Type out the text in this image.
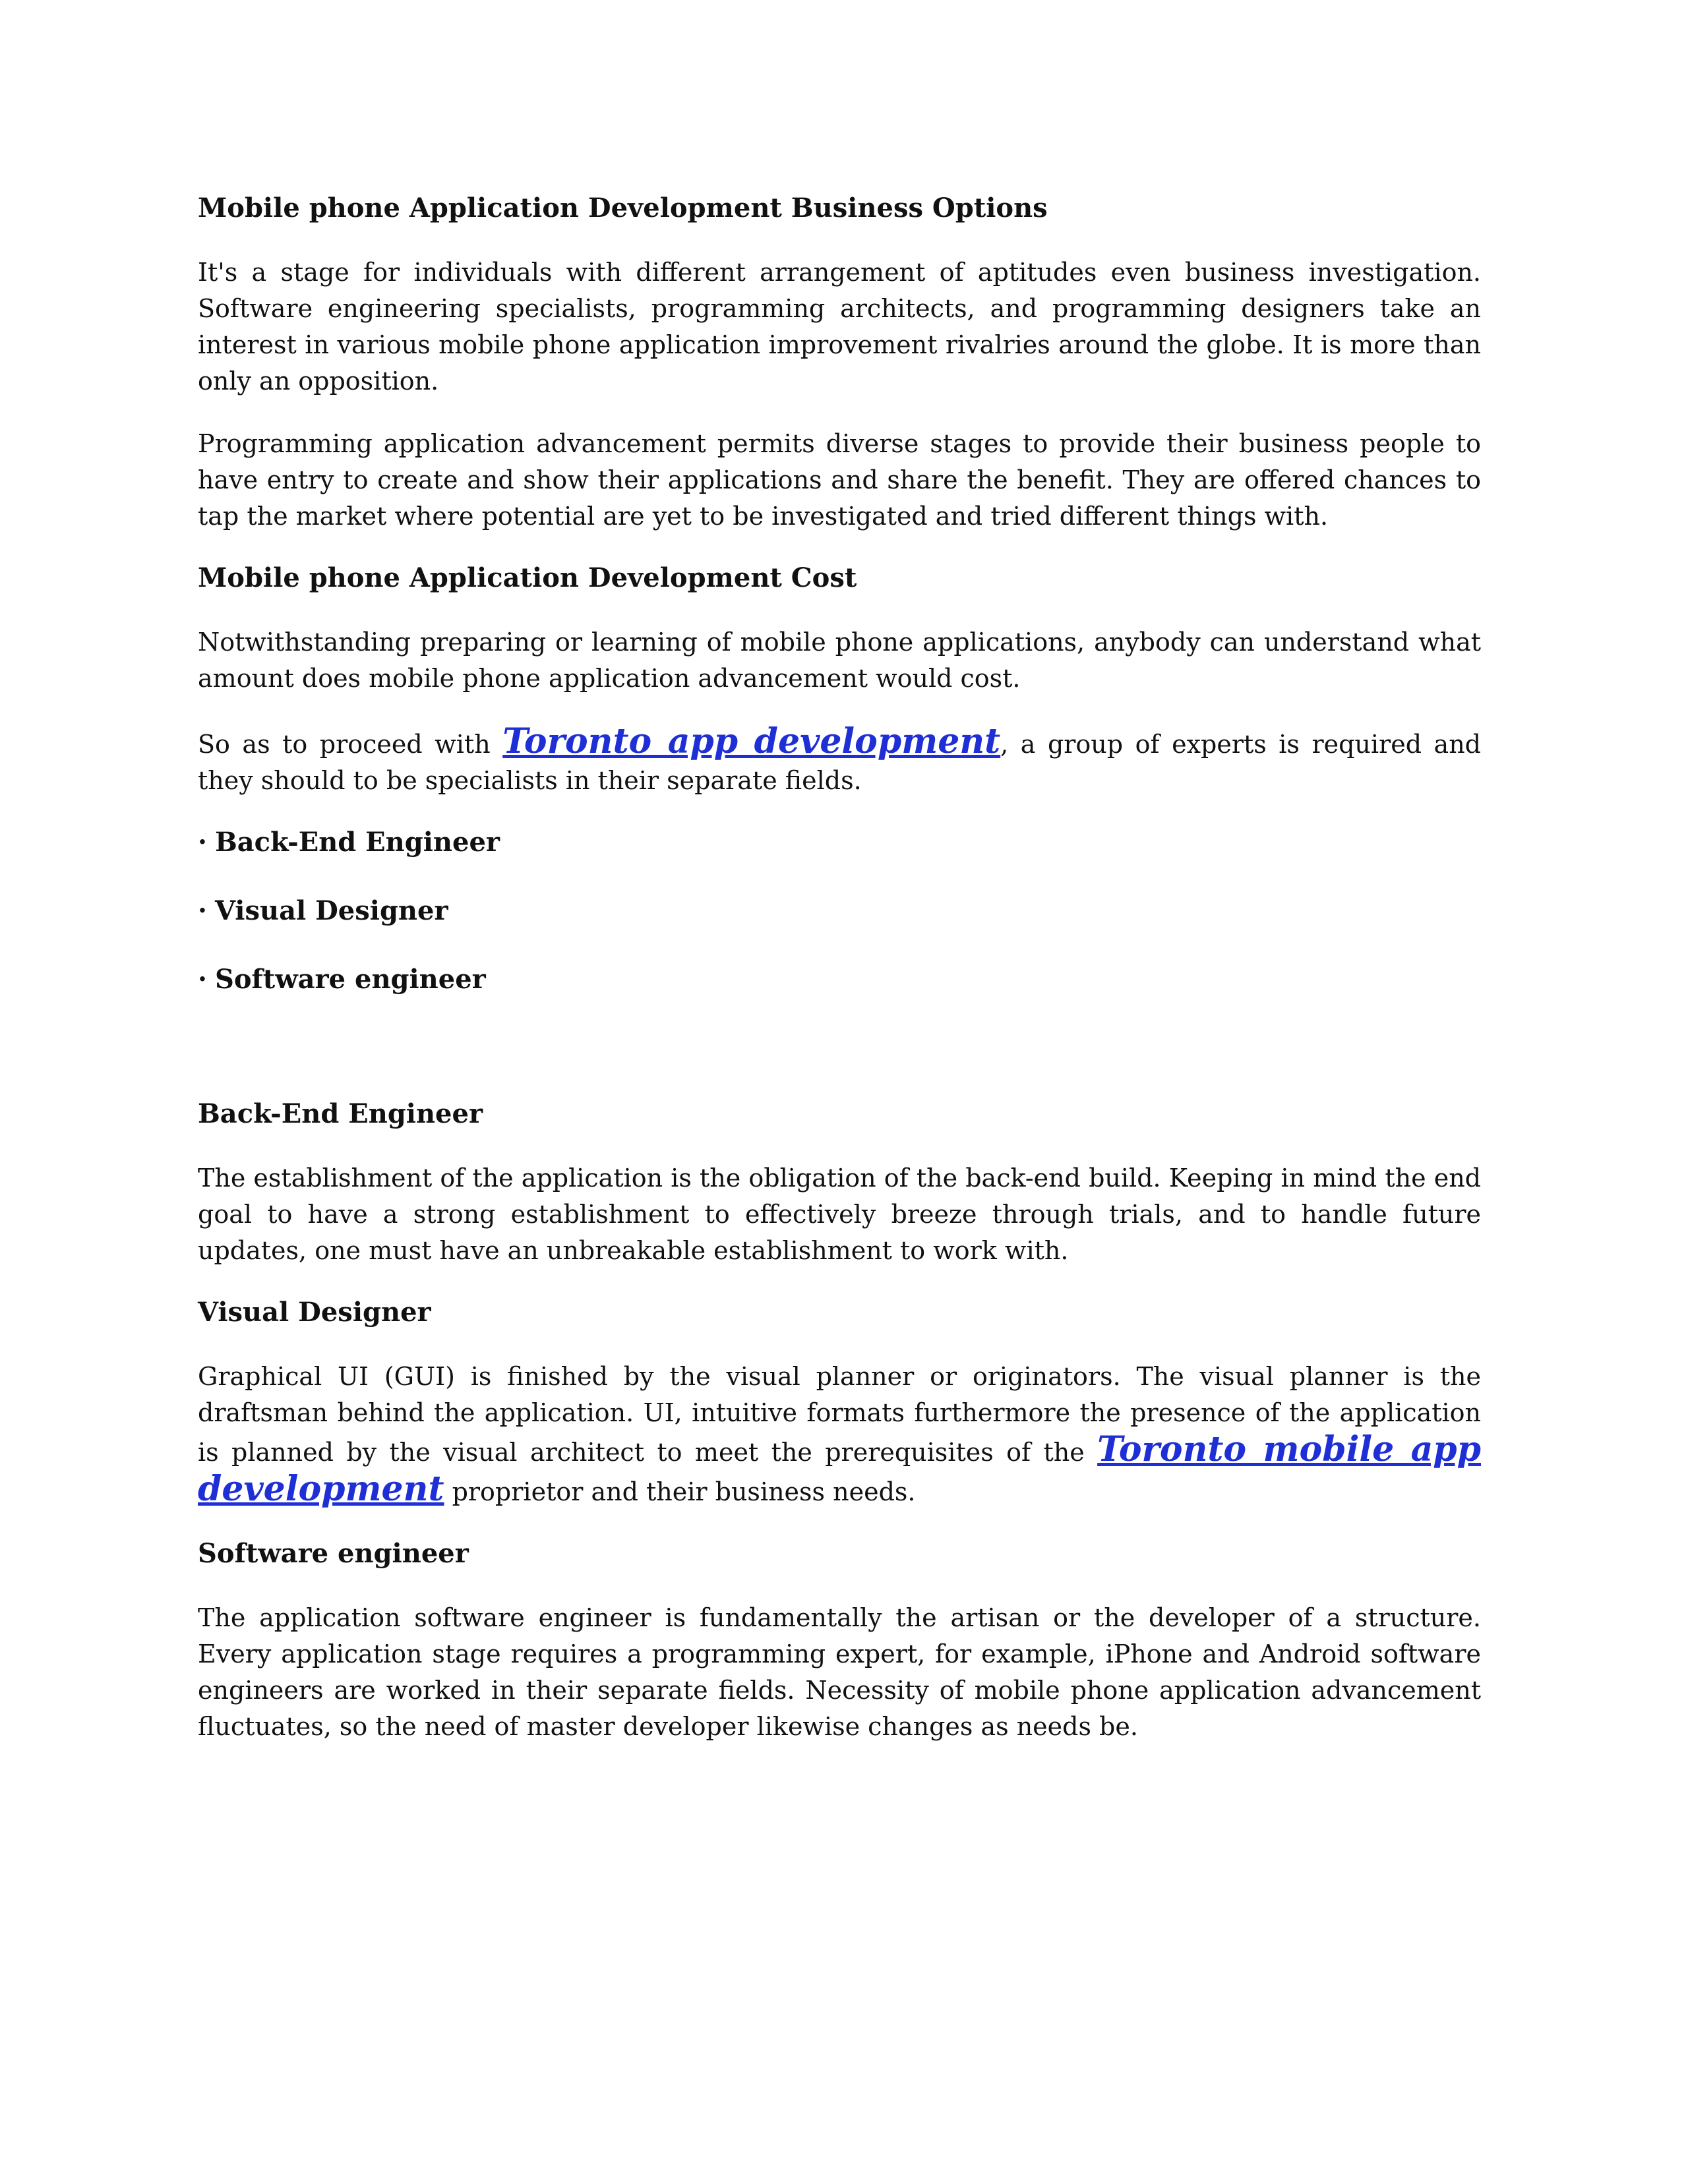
Mobile phone Application Development Business Options

It's a stage for individuals with different arrangement of aptitudes even business investigation. Software engineering specialists, programming architects, and programming designers take an interest in various mobile phone application improvement rivalries around the globe. It is more than only an opposition.

Programming application advancement permits diverse stages to provide their business people to have entry to create and show their applications and share the benefit. They are offered chances to tap the market where potential are yet to be investigated and tried different things with.

Mobile phone Application Development Cost

Notwithstanding preparing or learning of mobile phone applications, anybody can understand what amount does mobile phone application advancement would cost.

So as to proceed with Toronto app development, a group of experts is required and they should to be specialists in their separate fields.

· Back-End Engineer
· Visual Designer
· Software engineer
Back-End Engineer

The establishment of the application is the obligation of the back-end build. Keeping in mind the end goal to have a strong establishment to effectively breeze through trials, and to handle future updates, one must have an unbreakable establishment to work with.

Visual Designer

Graphical UI (GUI) is finished by the visual planner or originators. The visual planner is the draftsman behind the application. UI, intuitive formats furthermore the presence of the application is planned by the visual architect to meet the prerequisites of the Toronto mobile app development proprietor and their business needs.

Software engineer

The application software engineer is fundamentally the artisan or the developer of a structure. Every application stage requires a programming expert, for example, iPhone and Android software engineers are worked in their separate fields. Necessity of mobile phone application advancement fluctuates, so the need of master developer likewise changes as needs be.
